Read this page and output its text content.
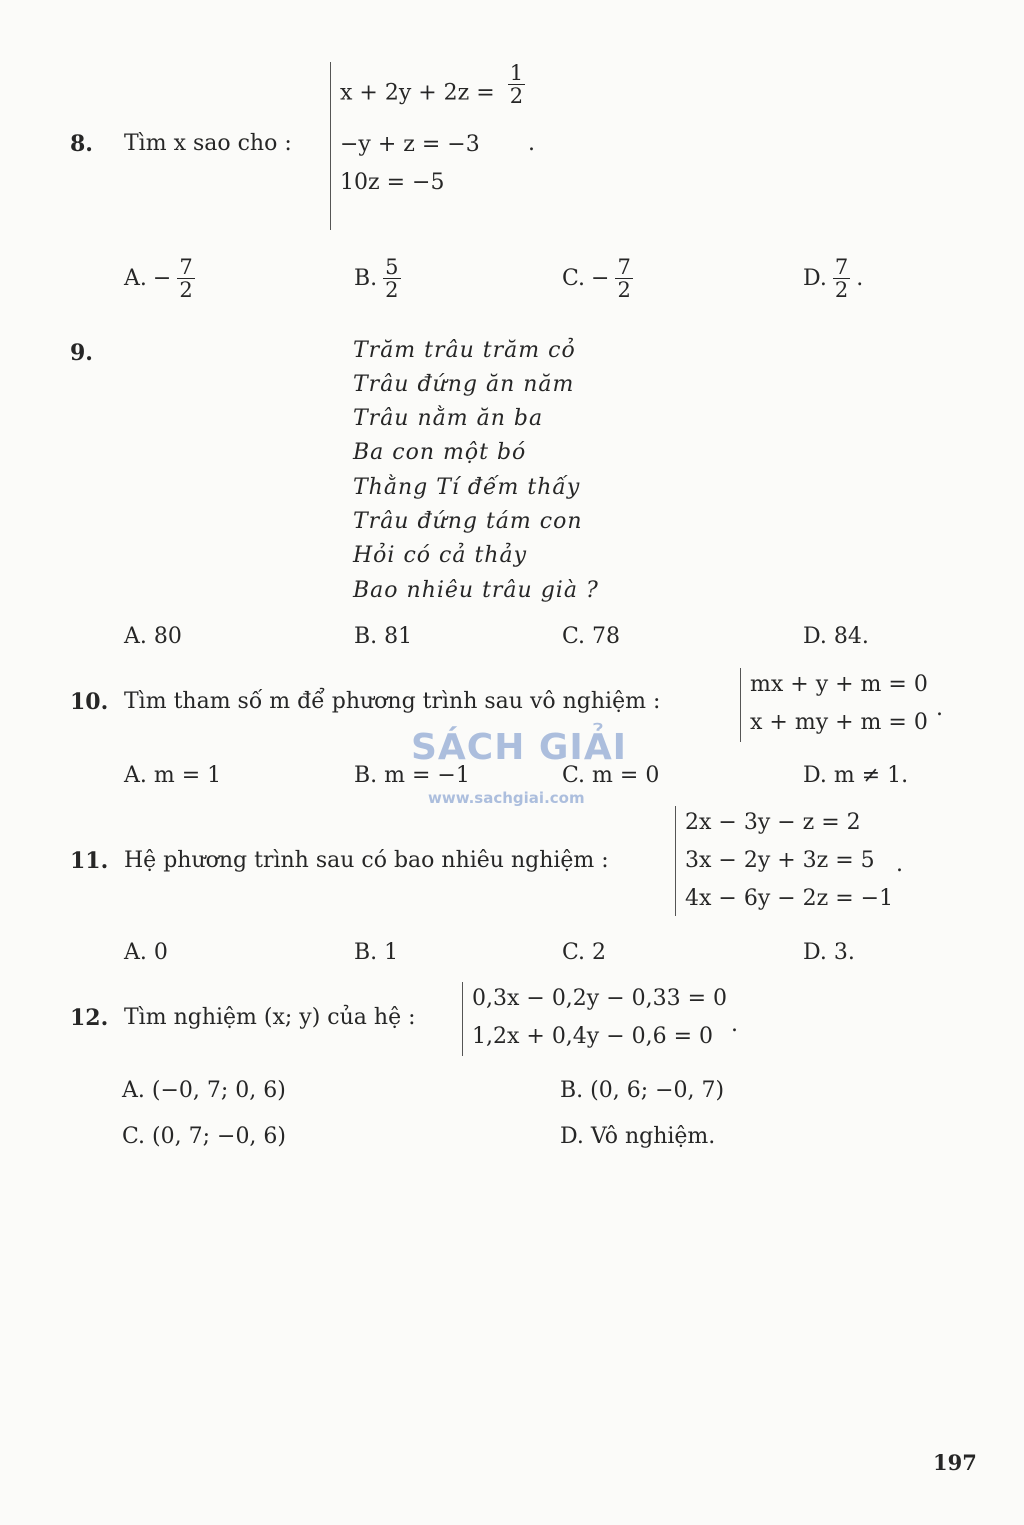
8. Tìm x sao cho :
$x + 2y + 2z = \frac{1}{2}$
−y + z = −3
10z = −5
.
A. − $\frac{7}{2}$	B. $\frac{5}{2}$	C. − $\frac{7}{2}$	D. $\frac{7}{2}$ .
9.	Trăm trâu trăm cỏ
Trâu đứng ăn năm
Trâu nằm ăn ba
Ba con một bó
Thằng Tí đếm thấy
Trâu đứng tám con
Hỏi có cả thảy
Bao nhiêu trâu già ?
A. 80	B. 81	C. 78	D. 84.
10. Tìm tham số m để phương trình sau vô nghiệm :
mx + y + m = 0
x + my + m = 0
.
SÁCH GIẢI
www.sachgiai.com
A. m = 1	B. m = −1	C. m = 0	D. m ≠ 1.
11. Hệ phương trình sau có bao nhiêu nghiệm :
2x − 3y − z = 2
3x − 2y + 3z = 5
4x − 6y − 2z = −1
.
A. 0	B. 1	C. 2	D. 3.
12. Tìm nghiệm (x; y) của hệ :
0,3x − 0,2y − 0,33 = 0
1,2x + 0,4y − 0,6 = 0 .
A. (−0, 7; 0, 6)	B. (0, 6; −0, 7)
C. (0, 7; −0, 6)	D. Vô nghiệm.
197
